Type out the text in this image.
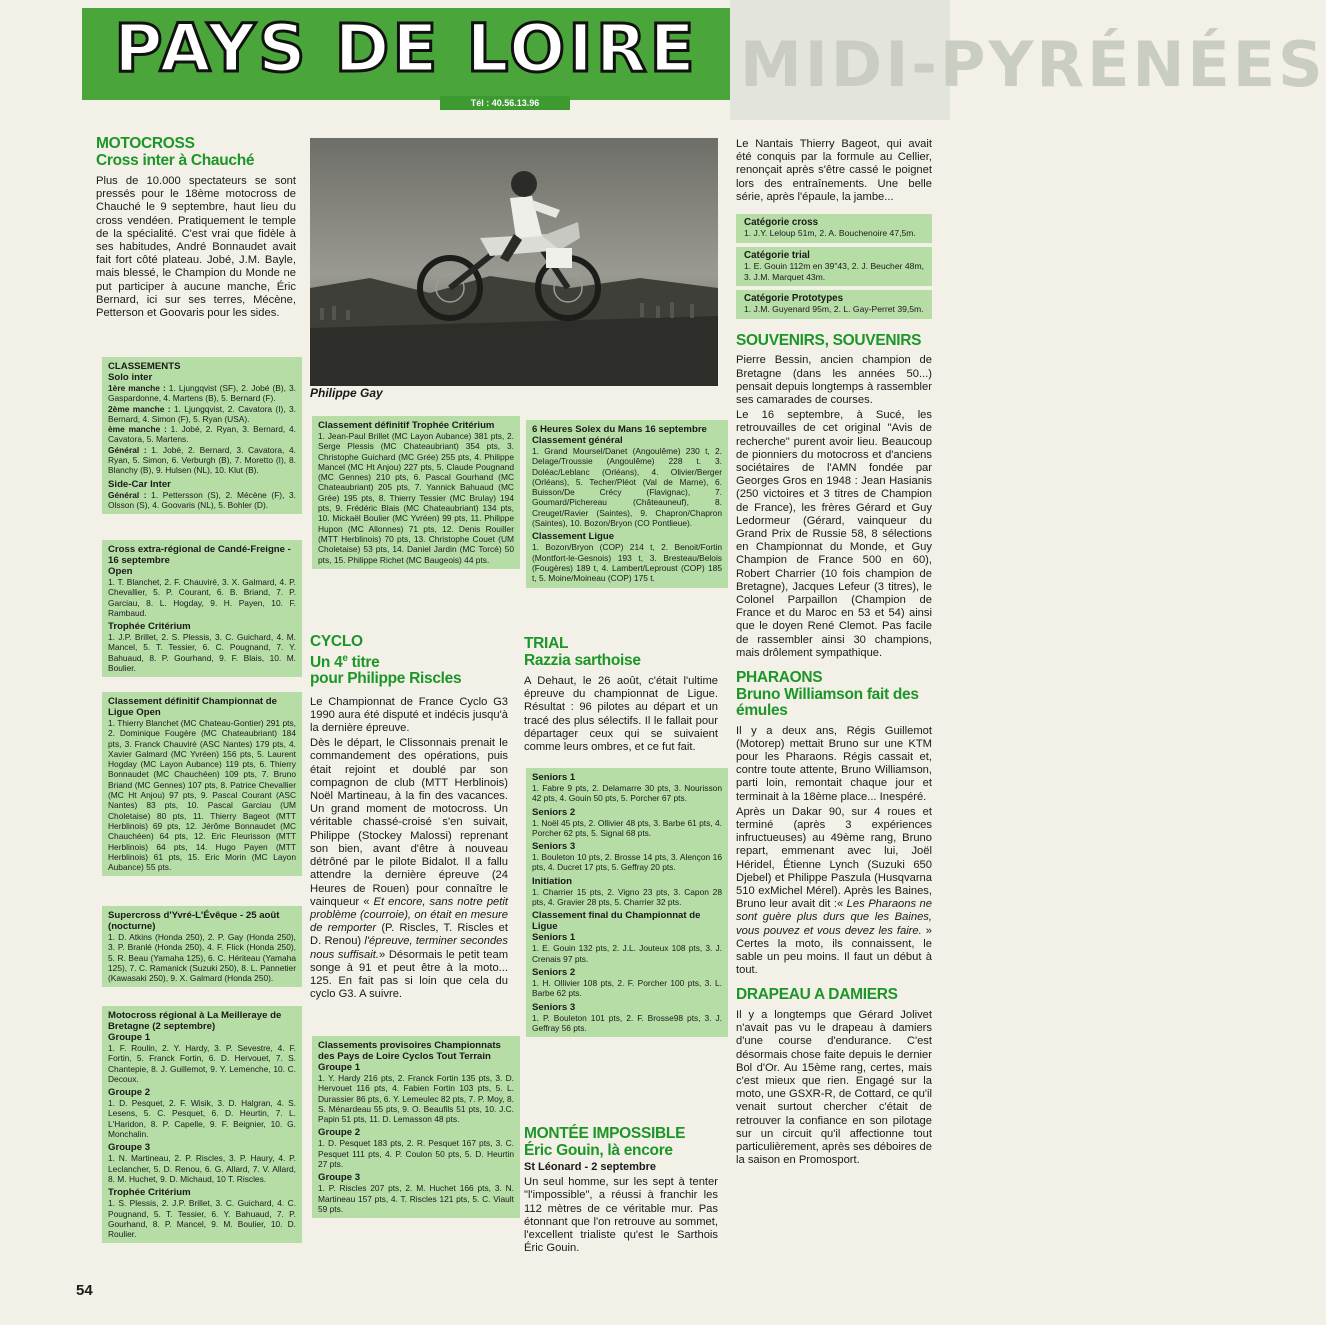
MIDI-PYRÉNÉES
PAYS DE LOIRE
Tél : 40.56.13.96
MOTOCROSS
Cross inter à Chauché

Plus de 10.000 spectateurs se sont pressés pour le 18ème motocross de Chauché le 9 septembre, haut lieu du cross vendéen. Pratiquement le temple de la spécialité. C'est vrai que fidèle à ses habitudes, André Bonnaudet avait fait fort côté plateau. Jobé, J.M. Bayle, mais blessé, le Champion du Monde ne put participer à aucune manche, Éric Bernard, ici sur ses terres, Mécène, Petterson et Goovaris pour les sides.

CLASSEMENTS
Solo inter

1ère manche : 1. Ljungqvist (SF), 2. Jobé (B), 3. Gaspardonne, 4. Martens (B), 5. Bernard (F).

2ème manche : 1. Ljungqvist, 2. Cavatora (I), 3. Bernard, 4. Simon (F), 5. Ryan (USA).

ème manche : 1. Jobé, 2. Ryan, 3. Bernard, 4. Cavatora, 5. Martens.

Général : 1. Jobé, 2. Bernard, 3. Cavatora, 4. Ryan, 5. Simon, 6. Verburgh (B), 7. Moretto (I), 8. Blanchy (B), 9. Hulsen (NL), 10. Klut (B).

Side-Car Inter

Général : 1. Pettersson (S), 2. Mécène (F), 3. Olsson (S), 4. Goovaris (NL), 5. Bohler (D).

Cross extra-régional de Candé-Freigne - 16 septembre
Open

1. T. Blanchet, 2. F. Chauviré, 3. X. Galmard, 4. P. Chevallier, 5. P. Courant, 6. B. Briand, 7. P. Garciau, 8. L. Hogday, 9. H. Payen, 10. F. Rambaud.

Trophée Critérium

1. J.P. Brillet, 2. S. Plessis, 3. C. Guichard, 4. M. Mancel, 5. T. Tessier, 6. C. Pougnand, 7. Y. Bahuaud, 8. P. Gourhand, 9. F. Blais, 10. M. Boulier.

Classement définitif Championnat de Ligue Open

1. Thierry Blanchet (MC Chateau-Gontier) 291 pts, 2. Dominique Fougère (MC Chateaubriant) 184 pts, 3. Franck Chauviré (ASC Nantes) 179 pts, 4. Xavier Galmard (MC Yvréen) 156 pts, 5. Laurent Hogday (MC Layon Aubance) 119 pts, 6. Thierry Bonnaudet (MC Chauchéen) 109 pts, 7. Bruno Briand (MC Gennes) 107 pts, 8. Patrice Chevallier (MC Ht Anjou) 97 pts, 9. Pascal Courant (ASC Nantes) 83 pts, 10. Pascal Garciau (UM Choletaise) 80 pts, 11. Thierry Bageot (MTT Herblinois) 69 pts, 12. Jérôme Bonnaudet (MC Chauchéen) 64 pts, 12. Eric Fleurisson (MTT Herblinois) 64 pts, 14. Hugo Payen (MTT Herblinois) 61 pts, 15. Eric Morin (MC Layon Aubance) 55 pts.

Supercross d'Yvré-L'Évêque - 25 août (nocturne)

1. D. Atkins (Honda 250), 2. P. Gay (Honda 250), 3. P. Branlé (Honda 250), 4. F. Flick (Honda 250), 5. R. Beau (Yamaha 125), 6. C. Hériteau (Yamaha 125), 7. C. Ramanick (Suzuki 250), 8. L. Pannetier (Kawasaki 250), 9. X. Galmard (Honda 250).

Motocross régional à La Meilleraye de Bretagne (2 septembre)
Groupe 1

1. F. Roulin, 2. Y. Hardy, 3. P. Sevestre, 4. F. Fortin, 5. Franck Fortin, 6. D. Hervouet, 7. S. Chantepie, 8. J. Guillemot, 9. Y. Lemenche, 10. C. Decoux.

Groupe 2

1. D. Pesquet, 2. F. Wisik, 3. D. Halgran, 4. S. Lesens, 5. C. Pesquet, 6. D. Heurtin, 7. L. L'Haridon, 8. P. Capelle, 9. F. Beignier, 10. G. Monchalin.

Groupe 3

1. N. Martineau, 2. P. Riscles, 3. P. Haury, 4. P. Leclancher, 5. D. Renou, 6. G. Allard, 7. V. Allard, 8. M. Huchet, 9. D. Michaud, 10 T. Riscles.

Trophée Critérium

1. S. Plessis, 2. J.P. Brillet, 3. C. Guichard, 4. C. Pougnand, 5. T. Tessier, 6. Y. Bahuaud, 7. P. Gourhand, 8. P. Mancel, 9. M. Boulier, 10. D. Roulier.

Philippe Gay
Classement définitif Trophée Critérium

1. Jean-Paul Brillet (MC Layon Aubance) 381 pts, 2. Serge Plessis (MC Chateaubriant) 354 pts, 3. Christophe Guichard (MC Grée) 255 pts, 4. Philippe Mancel (MC Ht Anjou) 227 pts, 5. Claude Pougnand (MC Gennes) 210 pts, 6. Pascal Gourhand (MC Chateaubriant) 205 pts, 7. Yannick Bahuaud (MC Grée) 195 pts, 8. Thierry Tessier (MC Brulay) 194 pts, 9. Frédéric Blais (MC Chateaubriant) 134 pts, 10. Mickaël Boulier (MC Yvréen) 99 pts, 11. Philippe Hupon (MC Allonnes) 71 pts, 12. Denis Rouiller (MTT Herblinois) 70 pts, 13. Christophe Couet (UM Choletaise) 53 pts, 14. Daniel Jardin (MC Torcé) 50 pts, 15. Philippe Richet (MC Baugeois) 44 pts.

CYCLO
Un 4e titre
pour Philippe Riscles

Le Championnat de France Cyclo G3 1990 aura été disputé et indécis jusqu'à la dernière épreuve.

Dès le départ, le Clissonnais prenait le commandement des opérations, puis était rejoint et doublé par son compagnon de club (MTT Herblinois) Noël Martineau, à la fin des vacances. Un grand moment de motocross. Un véritable chassé-croisé s'en suivait, Philippe (Stockey Malossi) reprenant son bien, avant d'être à nouveau détrôné par le pilote Bidalot. Il a fallu attendre la dernière épreuve (24 Heures de Rouen) pour connaître le vainqueur « Et encore, sans notre petit problème (courroie), on était en mesure de remporter (P. Riscles, T. Riscles et D. Renou) l'épreuve, terminer secondes nous suffisait.» Désormais le petit team songe à 91 et peut être à la moto... 125. En fait pas si loin que cela du cyclo G3. A suivre.

Classements provisoires Championnats des Pays de Loire Cyclos Tout Terrain
Groupe 1

1. Y. Hardy 216 pts, 2. Franck Fortin 135 pts, 3. D. Hervouet 116 pts, 4. Fabien Fortin 103 pts, 5. L. Durassier 86 pts, 6. Y. Lemeulec 82 pts, 7. P. Moy, 8. S. Ménardeau 55 pts, 9. O. Beaufils 51 pts, 10. J.C. Papin 51 pts, 11. D. Lemasson 48 pts.

Groupe 2

1. D. Pesquet 183 pts, 2. R. Pesquet 167 pts, 3. C. Pesquet 111 pts, 4. P. Coulon 50 pts, 5. D. Heurtin 27 pts.

Groupe 3

1. P. Riscles 207 pts, 2. M. Huchet 166 pts, 3. N. Martineau 157 pts, 4. T. Riscles 121 pts, 5. C. Viault 59 pts.

6 Heures Solex du Mans 16 septembre
Classement général

1. Grand Moursel/Danet (Angoulême) 230 t, 2. Delage/Troussie (Angoulême) 228 t. 3. Doléac/Leblanc (Orléans), 4. Olivier/Berger (Orléans), 5. Techer/Pléot (Val de Marne), 6. Buisson/De Crécy (Flavignac), 7. Goumard/Pichereau (Châteauneuf), 8. Creuget/Ravier (Saintes), 9. Chapron/Chapron (Saintes), 10. Bozon/Bryon (CO Pontlieue).

Classement Ligue

1. Bozon/Bryon (COP) 214 t, 2. Benoit/Fortin (Montfort-le-Gesnois) 193 t, 3. Bresteau/Belois (Fougères) 189 t, 4. Lambert/Leproust (COP) 185 t, 5. Moine/Moineau (COP) 175 t.

TRIAL
Razzia sarthoise

A Dehaut, le 26 août, c'était l'ultime épreuve du championnat de Ligue. Résultat : 96 pilotes au départ et un tracé des plus sélectifs. Il le fallait pour départager ceux qui se suivaient comme leurs ombres, et ce fut fait.

Seniors 1

1. Fabre 9 pts, 2. Delamarre 30 pts, 3. Nourisson 42 pts, 4. Gouin 50 pts, 5. Porcher 67 pts.

Seniors 2

1. Noël 45 pts, 2. Ollivier 48 pts, 3. Barbe 61 pts, 4. Porcher 62 pts, 5. Signal 68 pts.

Seniors 3

1. Bouleton 10 pts, 2. Brosse 14 pts, 3. Alençon 16 pts, 4. Ducret 17 pts, 5. Geffray 20 pts.

Initiation

1. Charrier 15 pts, 2. Vigno 23 pts, 3. Capon 28 pts, 4. Gravier 28 pts, 5. Charrier 32 pts.

Classement final du Championnat de Ligue
Seniors 1

1. E. Gouin 132 pts, 2. J.L. Jouteux 108 pts, 3. J. Crenais 97 pts.

Seniors 2

1. H. Ollivier 108 pts, 2. F. Porcher 100 pts, 3. L. Barbe 62 pts.

Seniors 3

1. P. Bouleton 101 pts, 2. F. Brosse98 pts, 3. J. Geffray 56 pts.

MONTÉE IMPOSSIBLE
Éric Gouin, là encore
St Léonard - 2 septembre

Un seul homme, sur les sept à tenter "l'impossible", a réussi à franchir les 112 mètres de ce véritable mur. Pas étonnant que l'on retrouve au sommet, l'excellent trialiste qu'est le Sarthois Éric Gouin.

Le Nantais Thierry Bageot, qui avait été conquis par la formule au Cellier, renonçait après s'être cassé le poignet lors des entraînements. Une belle série, après l'épaule, la jambe...

Catégorie cross

1. J.Y. Leloup 51m, 2. A. Bouchenoire 47,5m.

Catégorie trial

1. E. Gouin 112m en 39"43, 2. J. Beucher 48m, 3. J.M. Marquet 43m.

Catégorie Prototypes

1. J.M. Guyenard 95m, 2. L. Gay-Perret 39,5m.

SOUVENIRS, SOUVENIRS

Pierre Bessin, ancien champion de Bretagne (dans les années 50...) pensait depuis longtemps à rassembler ses camarades de courses.

Le 16 septembre, à Sucé, les retrouvailles de cet original "Avis de recherche" purent avoir lieu. Beaucoup de pionniers du motocross et d'anciens sociétaires de l'AMN fondée par Georges Gros en 1948 : Jean Hasianis (250 victoires et 3 titres de Champion de France), les frères Gérard et Guy Ledormeur (Gérard, vainqueur du Grand Prix de Russie 58, 8 sélections en Championnat du Monde, et Guy Champion de France 500 en 60), Robert Charrier (10 fois champion de Bretagne), Jacques Lefeur (3 titres), le Colonel Parpaillon (Champion de France et du Maroc en 53 et 54) ainsi que le doyen René Clemot. Pas facile de rassembler ainsi 30 champions, mais drôlement sympathique.

PHARAONS
Bruno Williamson fait des émules

Il y a deux ans, Régis Guillemot (Motorep) mettait Bruno sur une KTM pour les Pharaons. Régis cassait et, contre toute attente, Bruno Williamson, parti loin, remontait chaque jour et terminait à la 18ème place... Inespéré.

Après un Dakar 90, sur 4 roues et terminé (après 3 expériences infructueuses) au 49ème rang, Bruno repart, emmenant avec lui, Joël Héridel, Étienne Lynch (Suzuki 650 Djebel) et Philippe Paszula (Husqvarna 510 exMichel Mérel). Après les Baines, Bruno leur avait dit :« Les Pharaons ne sont guère plus durs que les Baines, vous pouvez et vous devez les faire. » Certes la moto, ils connaissent, le sable un peu moins. Il faut un début à tout.

DRAPEAU A DAMIERS

Il y a longtemps que Gérard Jolivet n'avait pas vu le drapeau à damiers d'une course d'endurance. C'est désormais chose faite depuis le dernier Bol d'Or. Au 15ème rang, certes, mais c'est mieux que rien. Engagé sur la moto, une GSXR-R, de Cottard, ce qu'il venait surtout chercher c'était de retrouver la confiance en son pilotage sur un circuit qu'il affectionne tout particulièrement, après ses déboires de la saison en Promosport.

54
